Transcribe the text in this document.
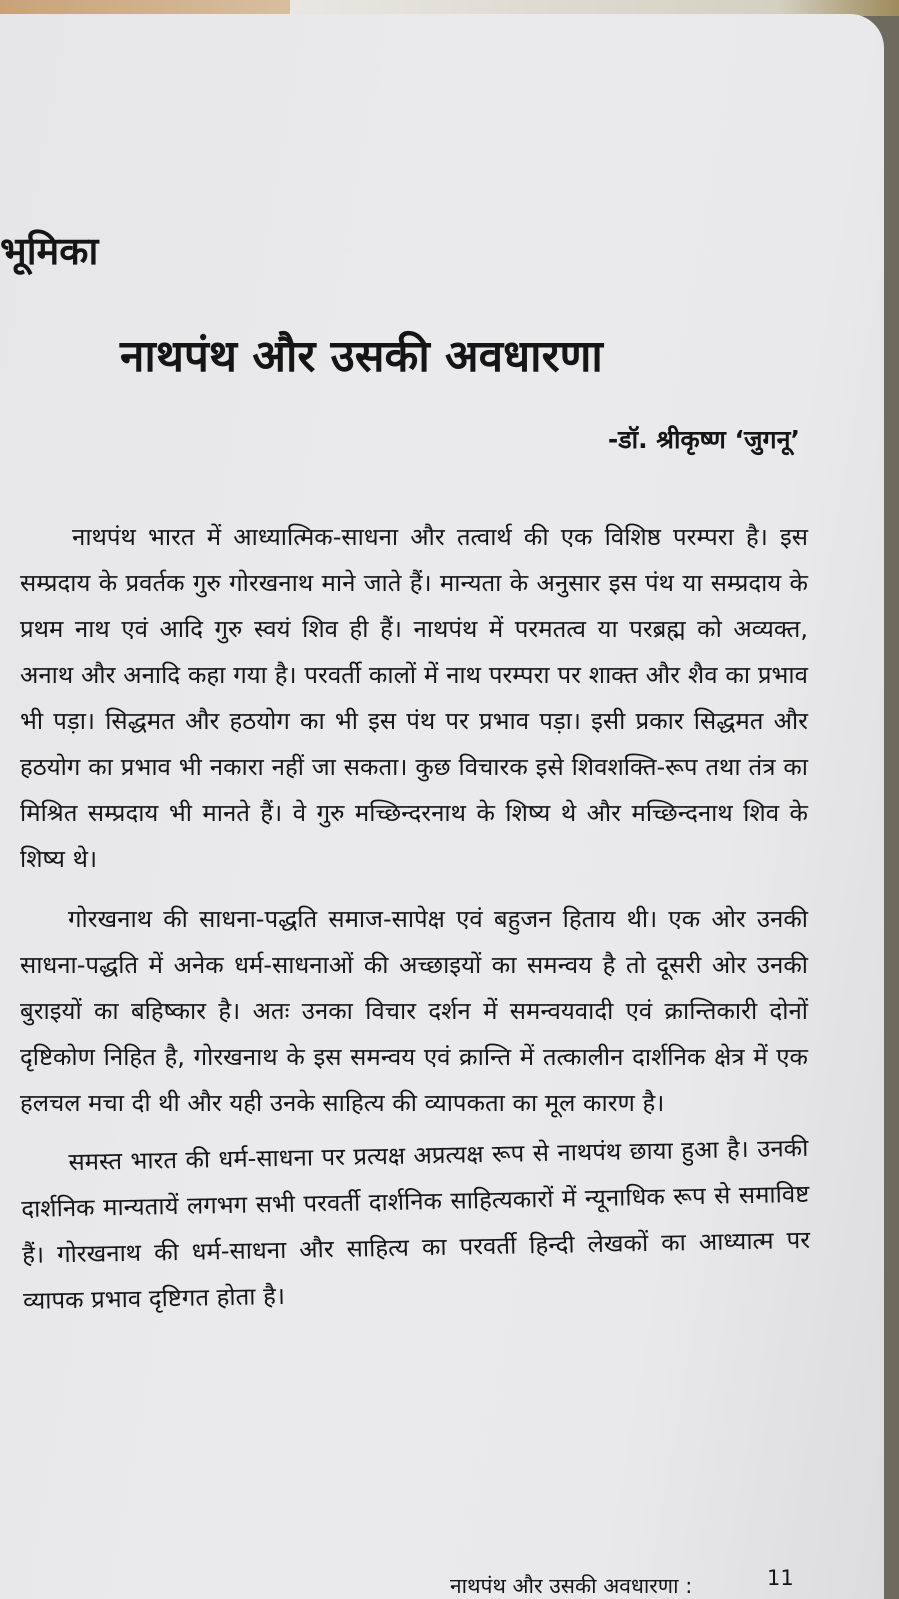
भूमिका
नाथपंथ और उसकी अवधारणा
-डॉ. श्रीकृष्ण ‘जुगनू’

नाथपंथ भारत में आध्यात्मिक-साधना और तत्वार्थ की एक विशिष्ठ परम्परा है। इस सम्प्रदाय के प्रवर्तक गुरु गोरखनाथ माने जाते हैं। मान्यता के अनुसार इस पंथ या सम्प्रदाय के प्रथम नाथ एवं आदि गुरु स्वयं शिव ही हैं। नाथपंथ में परमतत्व या परब्रह्म को अव्यक्त, अनाथ और अनादि कहा गया है। परवर्ती कालों में नाथ परम्परा पर शाक्त और शैव का प्रभाव भी पड़ा। सिद्धमत और हठयोग का भी इस पंथ पर प्रभाव पड़ा। इसी प्रकार सिद्धमत और हठयोग का प्रभाव भी नकारा नहीं जा सकता। कुछ विचारक इसे शिवशक्ति-रूप तथा तंत्र का मिश्रित सम्प्रदाय भी मानते हैं। वे गुरु मच्छिन्दरनाथ के शिष्य थे और मच्छिन्दनाथ शिव के शिष्य थे।

गोरखनाथ की साधना-पद्धति समाज-सापेक्ष एवं बहुजन हिताय थी। एक ओर उनकी साधना-पद्धति में अनेक धर्म-साधनाओं की अच्छाइयों का समन्वय है तो दूसरी ओर उनकी बुराइयों का बहिष्कार है। अतः उनका विचार दर्शन में समन्वयवादी एवं क्रान्तिकारी दोनों दृष्टिकोण निहित है, गोरखनाथ के इस समन्वय एवं क्रान्ति में तत्कालीन दार्शनिक क्षेत्र में एक हलचल मचा दी थी और यही उनके साहित्य की व्यापकता का मूल कारण है।

समस्त भारत की धर्म-साधना पर प्रत्यक्ष अप्रत्यक्ष रूप से नाथपंथ छाया हुआ है। उनकी दार्शनिक मान्यतायें लगभग सभी परवर्ती दार्शनिक साहित्यकारों में न्यूनाधिक रूप से समाविष्ट हैं। गोरखनाथ की धर्म-साधना और साहित्य का परवर्ती हिन्दी लेखकों का आध्यात्म पर व्यापक प्रभाव दृष्टिगत होता है।

नाथपंथ और उसकी अवधारणा :	11
